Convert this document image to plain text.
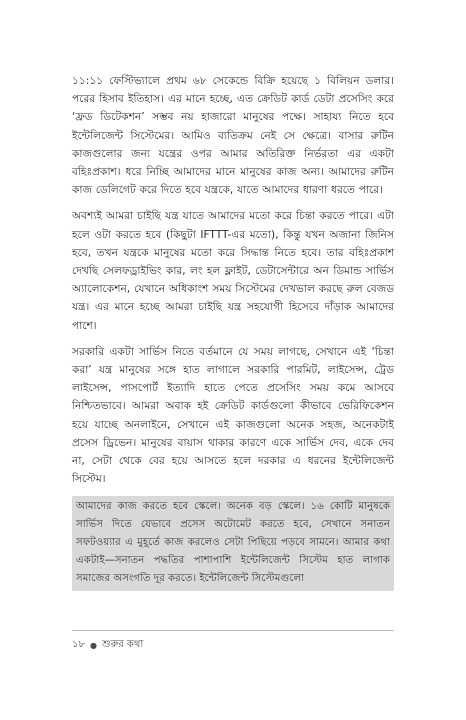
১১:১১ ফেস্টিভ্যালে প্রথম ৬৮ সেকেন্ডে বিক্রি হয়েছে ১ বিলিয়ন ডলার। পরের হিসাব ইতিহাস। এর মানে হচ্ছে, এত ক্রেডিট কার্ড ডেটা প্রসেসিং করে ‘ফ্রড ডিটেকশন’ সম্ভব নয় হাজারো মানুষের পক্ষে। সাহায্য নিতে হবে ইন্টেলিজেন্ট সিস্টেমের। আমিও ব্যতিক্রম নেই সে ক্ষেত্রে। বাসার রুটিন কাজগুলোর জন্য যন্ত্রের ওপর আমার অতিরিক্ত নির্ভরতা এর একটা বহিঃপ্রকাশ। ধরে নিচ্ছি আমাদের মানে মানুষের কাজ অন্য। আমাদের রুটিন কাজ ডেলিগেট করে দিতে হবে যন্ত্রকে, যাতে আমাদের ধারণা ধরতে পারে।

অবশ্যই আমরা চাইছি যন্ত্র যাতে আমাদের মতো করে চিন্তা করতে পারে। এটা হলে ওটা করতে হবে (কিছুটা IFTTT-এর মতো), কিন্তু যখন অজানা জিনিস হবে, তখন যন্ত্রকে মানুষের মতো করে সিদ্ধান্ত নিতে হবে। তার বহিঃপ্রকাশ দেখছি সেলফড্রাইভিং কার, লং হল ফ্লাইট, ডেটাসেন্টারে অন ডিমান্ড সার্ভিস অ্যালোকেশন, যেখানে অধিকাংশ সময় সিস্টেমের দেখভাল করছে রুল বেজড যন্ত্র। এর মানে হচ্ছে আমরা চাইছি যন্ত্র সহযোগী হিসেবে দাঁড়াক আমাদের পাশে।

সরকারি একটা সার্ভিস নিতে বর্তমানে যে সময় লাগছে, সেখানে এই ‘চিন্তা করা’ যন্ত্র মানুষের সঙ্গে হাত লাগালে সরকারি পারমিট, লাইসেন্স, ট্রেড লাইসেন্স, পাসপোর্ট ইত্যাদি হাতে পেতে প্রসেসিং সময় কমে আসবে নিশ্চিতভাবে। আমরা অবাক হই ক্রেডিট কার্ডগুলো কীভাবে ভেরিফিকেশন হয়ে যাচ্ছে অনলাইনে, সেখানে এই কাজগুলো অনেক সহজ, অনেকটাই প্রসেস ড্রিভেন। মানুষের বায়াস থাকার কারণে একে সার্ভিস দেব, একে দেব না, সেটা থেকে বের হয়ে আসতে হলে দরকার এ ধরনের ইন্টেলিজেন্ট সিস্টেম।

আমাদের কাজ করতে হবে স্কেলে। অনেক বড় স্কেলে। ১৬ কোটি মানুষকে সার্ভিস দিতে যেভাবে প্রসেস অটোমেট করতে হবে, সেখানে সনাতন সফটওয়্যার এ মুহূর্তে কাজ করলেও সেটা পিছিয়ে পড়বে সামনে। আমার কথা একটাই—সনাতন পদ্ধতির পাশাপাশি ইন্টেলিজেন্ট সিস্টেম হাত লাগাক সমাজের অসংগতি দূর করতে। ইন্টেলিজেন্ট সিস্টেমগুলো

১৮ ● শুরুর কথা
